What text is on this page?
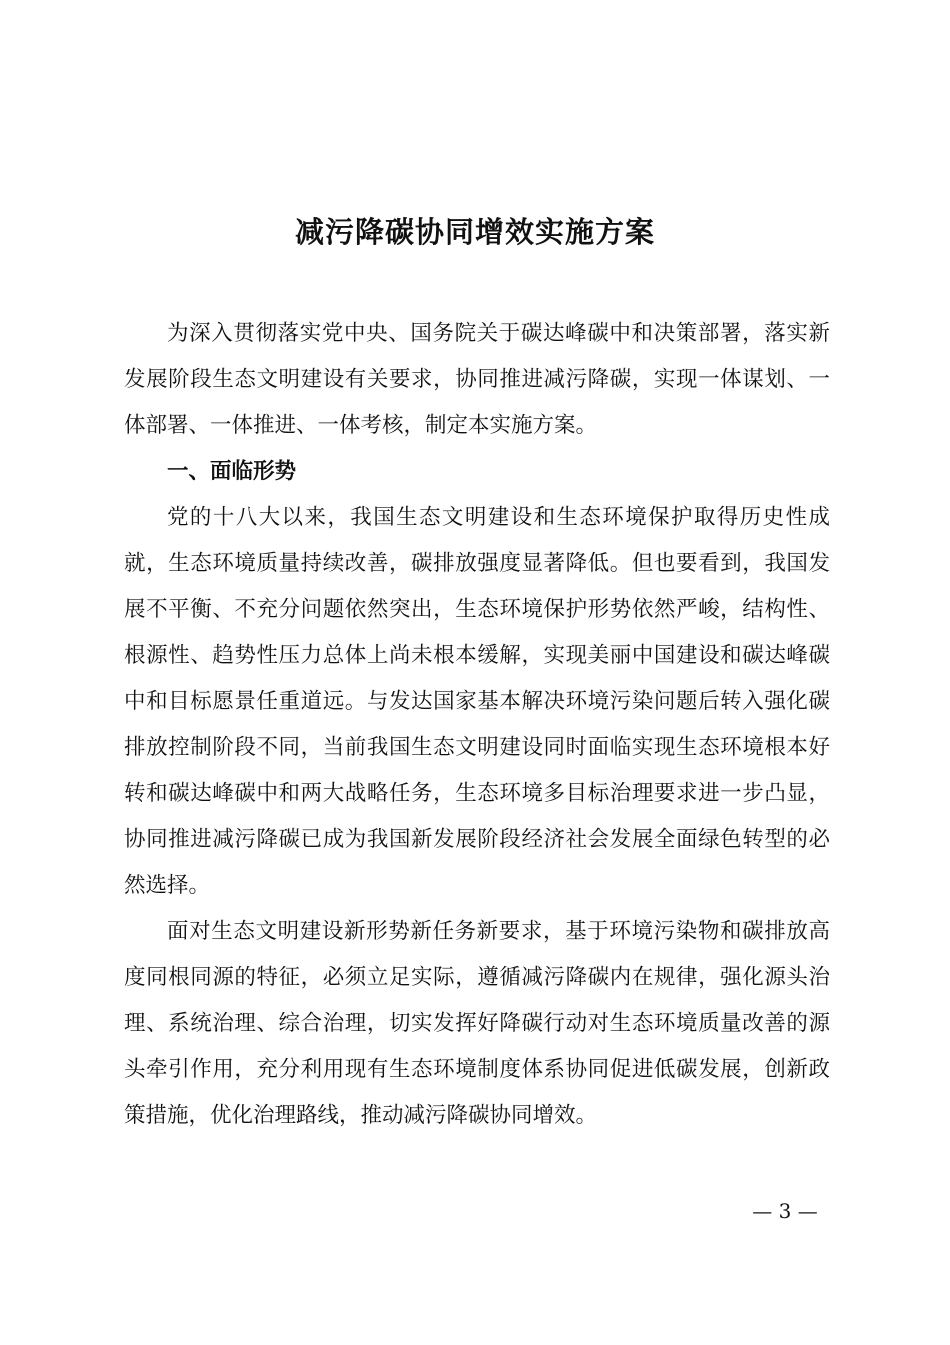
减污降碳协同增效实施方案

为深入贯彻落实党中央、国务院关于碳达峰碳中和决策部署，落实新发展阶段生态文明建设有关要求，协同推进减污降碳，实现一体谋划、一体部署、一体推进、一体考核，制定本实施方案。

一、面临形势

党的十八大以来，我国生态文明建设和生态环境保护取得历史性成就，生态环境质量持续改善，碳排放强度显著降低。但也要看到，我国发展不平衡、不充分问题依然突出，生态环境保护形势依然严峻，结构性、根源性、趋势性压力总体上尚未根本缓解，实现美丽中国建设和碳达峰碳中和目标愿景任重道远。与发达国家基本解决环境污染问题后转入强化碳排放控制阶段不同，当前我国生态文明建设同时面临实现生态环境根本好转和碳达峰碳中和两大战略任务，生态环境多目标治理要求进一步凸显，协同推进减污降碳已成为我国新发展阶段经济社会发展全面绿色转型的必然选择。

面对生态文明建设新形势新任务新要求，基于环境污染物和碳排放高度同根同源的特征，必须立足实际，遵循减污降碳内在规律，强化源头治理、系统治理、综合治理，切实发挥好降碳行动对生态环境质量改善的源头牵引作用，充分利用现有生态环境制度体系协同促进低碳发展，创新政策措施，优化治理路线，推动减污降碳协同增效。

— 3 —
